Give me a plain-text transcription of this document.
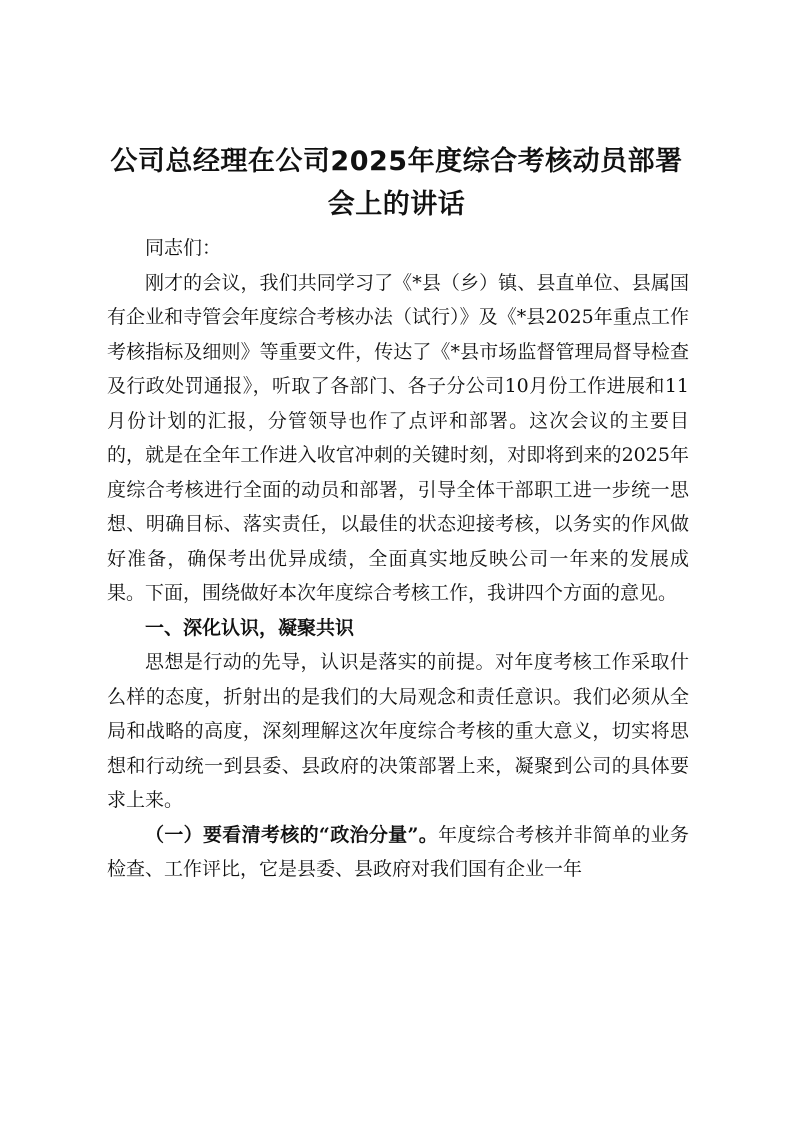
公司总经理在公司2025年度综合考核动员部署会上的讲话

同志们：

刚才的会议，我们共同学习了《*县（乡）镇、县直单位、县属国有企业和寺管会年度综合考核办法（试行）》及《*县2025年重点工作考核指标及细则》等重要文件，传达了《*县市场监督管理局督导检查及行政处罚通报》，听取了各部门、各子分公司10月份工作进展和11月份计划的汇报，分管领导也作了点评和部署。这次会议的主要目的，就是在全年工作进入收官冲刺的关键时刻，对即将到来的2025年度综合考核进行全面的动员和部署，引导全体干部职工进一步统一思想、明确目标、落实责任，以最佳的状态迎接考核，以务实的作风做好准备，确保考出优异成绩，全面真实地反映公司一年来的发展成果。下面，围绕做好本次年度综合考核工作，我讲四个方面的意见。

一、深化认识，凝聚共识

思想是行动的先导，认识是落实的前提。对年度考核工作采取什么样的态度，折射出的是我们的大局观念和责任意识。我们必须从全局和战略的高度，深刻理解这次年度综合考核的重大意义，切实将思想和行动统一到县委、县政府的决策部署上来，凝聚到公司的具体要求上来。

（一）要看清考核的“政治分量”。年度综合考核并非简单的业务检查、工作评比，它是县委、县政府对我们国有企业一年
